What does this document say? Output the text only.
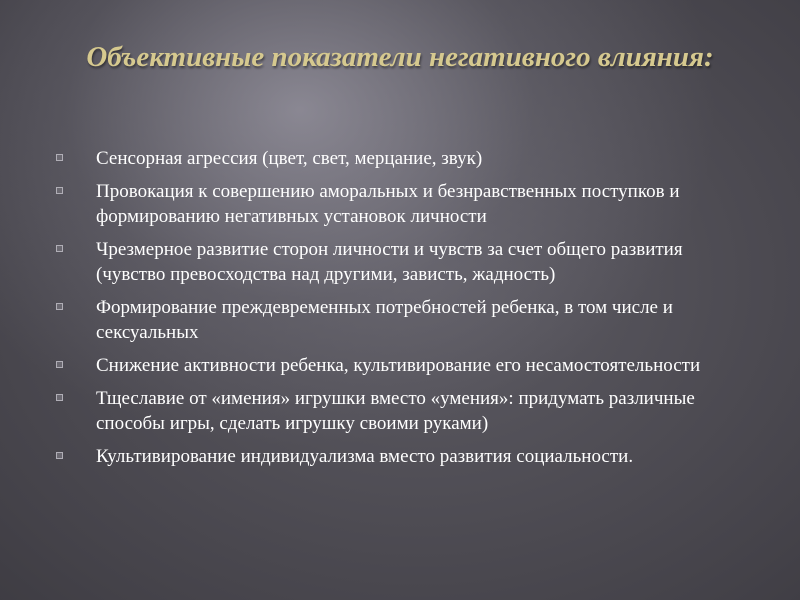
Объективные показатели негативного влияния:
Сенсорная агрессия (цвет, свет, мерцание, звук)
Провокация к совершению аморальных и безнравственных поступков и формированию негативных установок личности
Чрезмерное развитие сторон личности и чувств за счет общего развития (чувство превосходства над другими, зависть, жадность)
Формирование преждевременных потребностей ребенка, в том числе и сексуальных
Снижение активности ребенка, культивирование его несамостоятельности
Тщеславие от «имения» игрушки вместо «умения»: придумать различные способы игры, сделать игрушку своими руками)
Культивирование индивидуализма вместо развития социальности.
